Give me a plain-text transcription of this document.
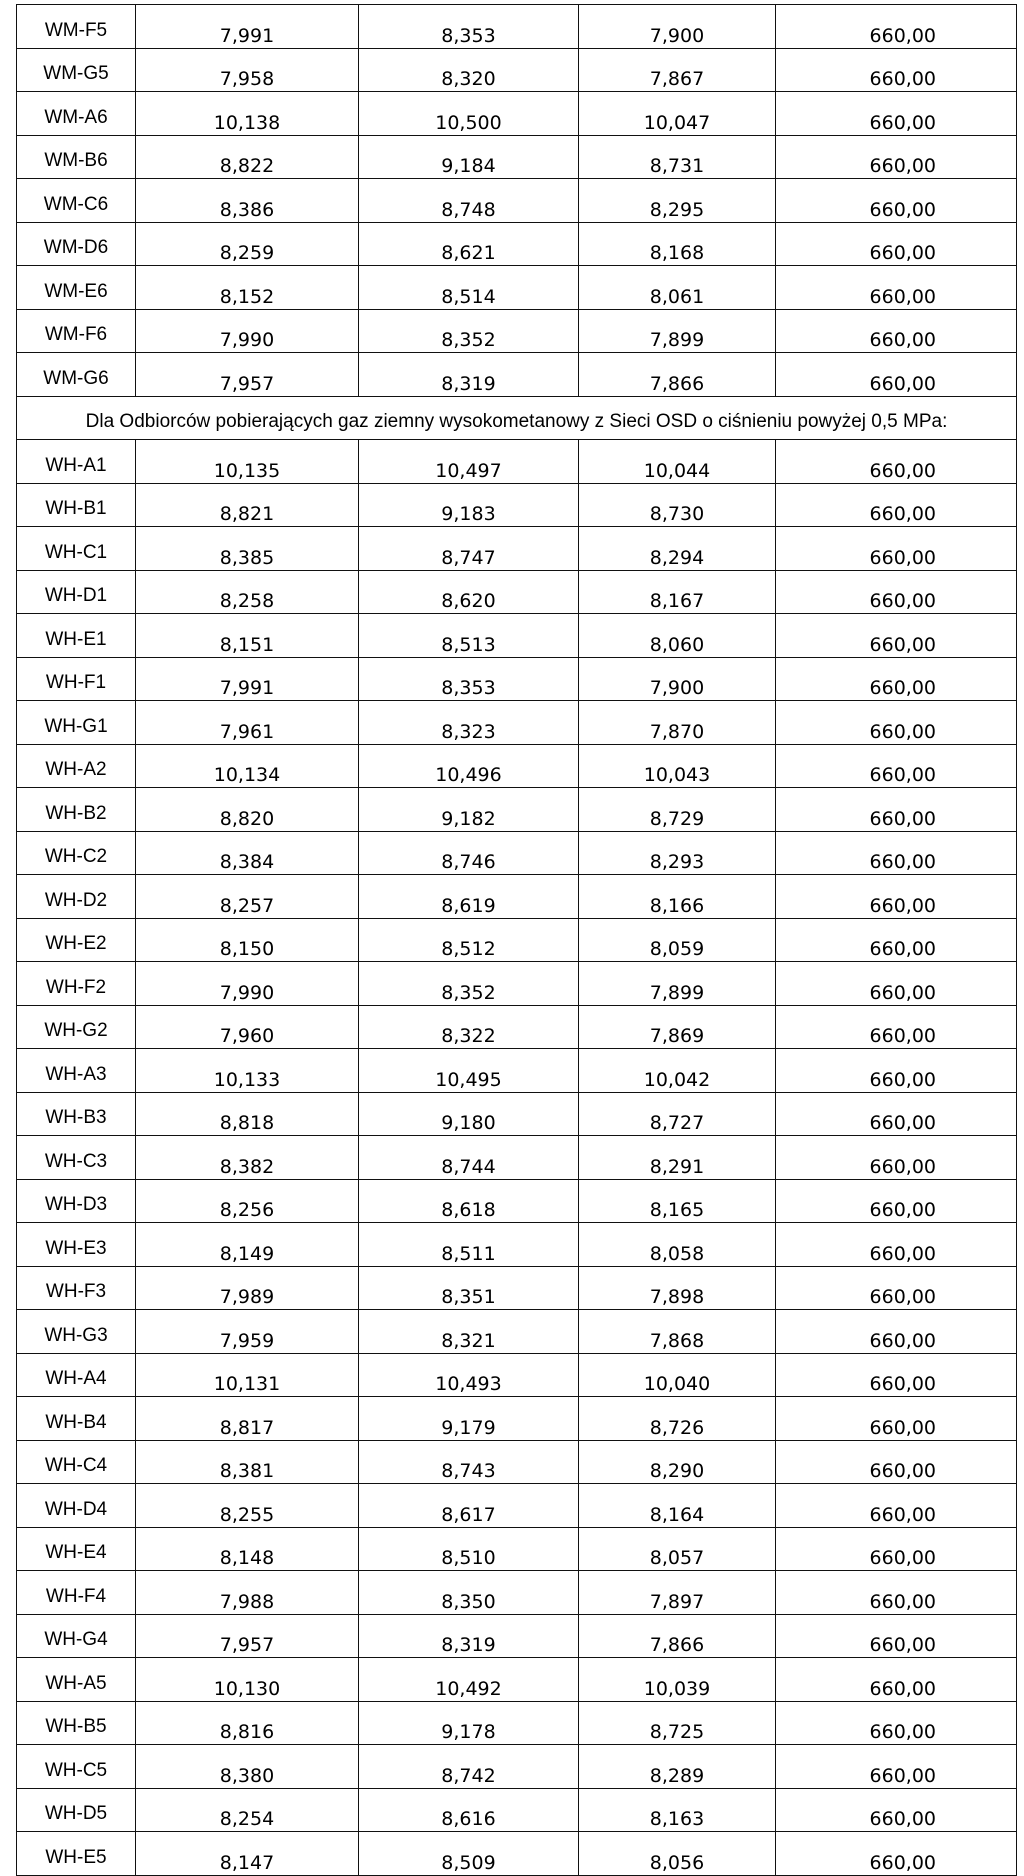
WM-F5	7,991	8,353	7,900	660,00
WM-G5	7,958	8,320	7,867	660,00
WM-A6	10,138	10,500	10,047	660,00
WM-B6	8,822	9,184	8,731	660,00
WM-C6	8,386	8,748	8,295	660,00
WM-D6	8,259	8,621	8,168	660,00
WM-E6	8,152	8,514	8,061	660,00
WM-F6	7,990	8,352	7,899	660,00
WM-G6	7,957	8,319	7,866	660,00
Dla Odbiorców pobierających gaz ziemny wysokometanowy z Sieci OSD o ciśnieniu powyżej 0,5 MPa:				
WH-A1	10,135	10,497	10,044	660,00
WH-B1	8,821	9,183	8,730	660,00
WH-C1	8,385	8,747	8,294	660,00
WH-D1	8,258	8,620	8,167	660,00
WH-E1	8,151	8,513	8,060	660,00
WH-F1	7,991	8,353	7,900	660,00
WH-G1	7,961	8,323	7,870	660,00
WH-A2	10,134	10,496	10,043	660,00
WH-B2	8,820	9,182	8,729	660,00
WH-C2	8,384	8,746	8,293	660,00
WH-D2	8,257	8,619	8,166	660,00
WH-E2	8,150	8,512	8,059	660,00
WH-F2	7,990	8,352	7,899	660,00
WH-G2	7,960	8,322	7,869	660,00
WH-A3	10,133	10,495	10,042	660,00
WH-B3	8,818	9,180	8,727	660,00
WH-C3	8,382	8,744	8,291	660,00
WH-D3	8,256	8,618	8,165	660,00
WH-E3	8,149	8,511	8,058	660,00
WH-F3	7,989	8,351	7,898	660,00
WH-G3	7,959	8,321	7,868	660,00
WH-A4	10,131	10,493	10,040	660,00
WH-B4	8,817	9,179	8,726	660,00
WH-C4	8,381	8,743	8,290	660,00
WH-D4	8,255	8,617	8,164	660,00
WH-E4	8,148	8,510	8,057	660,00
WH-F4	7,988	8,350	7,897	660,00
WH-G4	7,957	8,319	7,866	660,00
WH-A5	10,130	10,492	10,039	660,00
WH-B5	8,816	9,178	8,725	660,00
WH-C5	8,380	8,742	8,289	660,00
WH-D5	8,254	8,616	8,163	660,00
WH-E5	8,147	8,509	8,056	660,00
